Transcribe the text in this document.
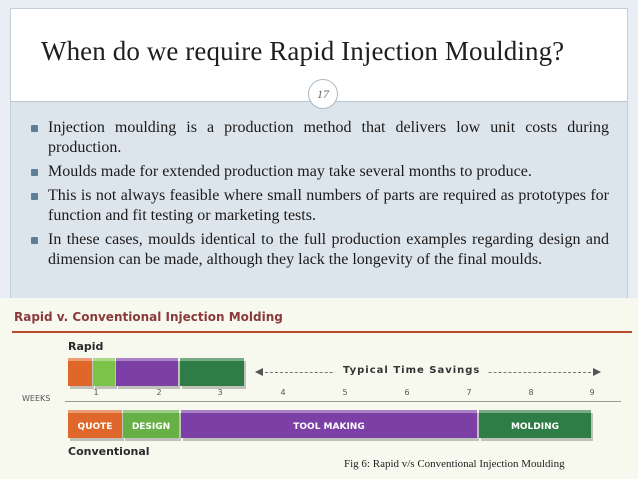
When do we require Rapid Injection Moulding?
17
Injection moulding is a production method that delivers low unit costs during production.
Moulds made for extended production may take several months to produce.
This is not always feasible where small numbers of parts are required as prototypes for function and fit testing or marketing tests.
In these cases, moulds identical to the full production examples regarding design and dimension can be made, although they lack the longevity of the final moulds.
Rapid v. Conventional Injection Molding
Rapid
Typical Time Savings
WEEKS
1	2	3	4	5	6	7	8	9
QUOTE	DESIGN	TOOL MAKING	MOLDING
Conventional
Fig 6: Rapid v/s Conventional Injection Moulding
